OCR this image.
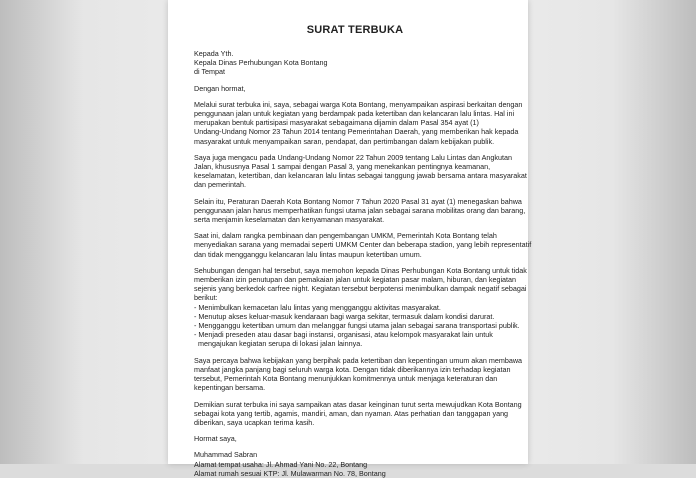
SURAT TERBUKA
Kepada Yth.
Kepala Dinas Perhubungan Kota Bontang
di Tempat
Dengan hormat,
Melalui surat terbuka ini, saya, sebagai warga Kota Bontang, menyampaikan aspirasi berkaitan dengan
penggunaan jalan untuk kegiatan yang berdampak pada ketertiban dan kelancaran lalu lintas. Hal ini
merupakan bentuk partisipasi masyarakat sebagaimana dijamin dalam Pasal 354 ayat (1)
Undang-Undang Nomor 23 Tahun 2014 tentang Pemerintahan Daerah, yang memberikan hak kepada
masyarakat untuk menyampaikan saran, pendapat, dan pertimbangan dalam kebijakan publik.
Saya juga mengacu pada Undang-Undang Nomor 22 Tahun 2009 tentang Lalu Lintas dan Angkutan
Jalan, khususnya Pasal 1 sampai dengan Pasal 3, yang menekankan pentingnya keamanan,
keselamatan, ketertiban, dan kelancaran lalu lintas sebagai tanggung jawab bersama antara masyarakat
dan pemerintah.
Selain itu, Peraturan Daerah Kota Bontang Nomor 7 Tahun 2020 Pasal 31 ayat (1) menegaskan bahwa
penggunaan jalan harus memperhatikan fungsi utama jalan sebagai sarana mobilitas orang dan barang,
serta menjamin keselamatan dan kenyamanan masyarakat.
Saat ini, dalam rangka pembinaan dan pengembangan UMKM, Pemerintah Kota Bontang telah
menyediakan sarana yang memadai seperti UMKM Center dan beberapa stadion, yang lebih representatif
dan tidak mengganggu kelancaran lalu lintas maupun ketertiban umum.
Sehubungan dengan hal tersebut, saya memohon kepada Dinas Perhubungan Kota Bontang untuk tidak
memberikan izin penutupan dan pemakaian jalan untuk kegiatan pasar malam, hiburan, dan kegiatan
sejenis yang berkedok carfree night. Kegiatan tersebut berpotensi menimbulkan dampak negatif sebagai
berikut:
- Menimbulkan kemacetan lalu lintas yang mengganggu aktivitas masyarakat.
- Menutup akses keluar-masuk kendaraan bagi warga sekitar, termasuk dalam kondisi darurat.
- Mengganggu ketertiban umum dan melanggar fungsi utama jalan sebagai sarana transportasi publik.
- Menjadi preseden atau dasar bagi instansi, organisasi, atau kelompok masyarakat lain untuk
mengajukan kegiatan serupa di lokasi jalan lainnya.
Saya percaya bahwa kebijakan yang berpihak pada ketertiban dan kepentingan umum akan membawa
manfaat jangka panjang bagi seluruh warga kota. Dengan tidak diberikannya izin terhadap kegiatan
tersebut, Pemerintah Kota Bontang menunjukkan komitmennya untuk menjaga keteraturan dan
kepentingan bersama.
Demikian surat terbuka ini saya sampaikan atas dasar keinginan turut serta mewujudkan Kota Bontang
sebagai kota yang tertib, agamis, mandiri, aman, dan nyaman. Atas perhatian dan tanggapan yang
diberikan, saya ucapkan terima kasih.
Hormat saya,
Muhammad Sabran
Alamat tempat usaha: Jl. Ahmad Yani No. 22, Bontang
Alamat rumah sesuai KTP: Jl. Mulawarman No. 78, Bontang
